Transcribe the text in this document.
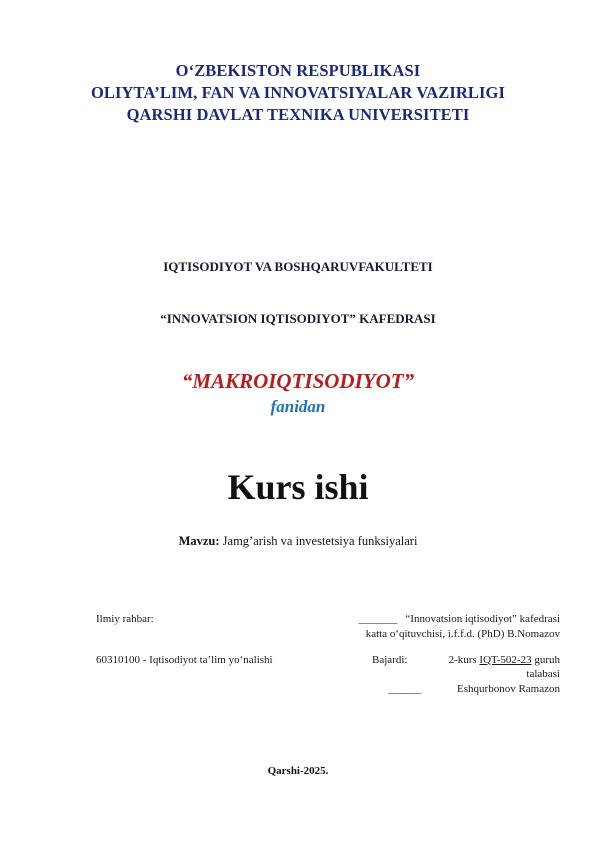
O‘ZBEKISTON RESPUBLIKASI
OLIYTA’LIM, FAN VA INNOVATSIYALAR VAZIRLIGI
QARSHI DAVLAT TEXNIKA UNIVERSITETI
IQTISODIYOT VA BOSHQARUVFAKULTETI
“INNOVATSION IQTISODIYOT” KAFEDRASI
“MAKROIQTISODIYOT”
fanidan
Kurs ishi
Mavzu: Jamg’arish va investetsiya funksiyalari
Ilmiy rahbar:	_______ “Innovatsion iqtisodiyot” kafedrasi
katta o‘qituvchisi, i.f.f.d. (PhD) B.Nomazov
60310100 - Iqtisodiyot ta’lim yo‘nalishi	Bajardi:	2-kurs IQT-502-23 guruh
talabasi
______	Eshqurbonov Ramazon
Qarshi-2025.
